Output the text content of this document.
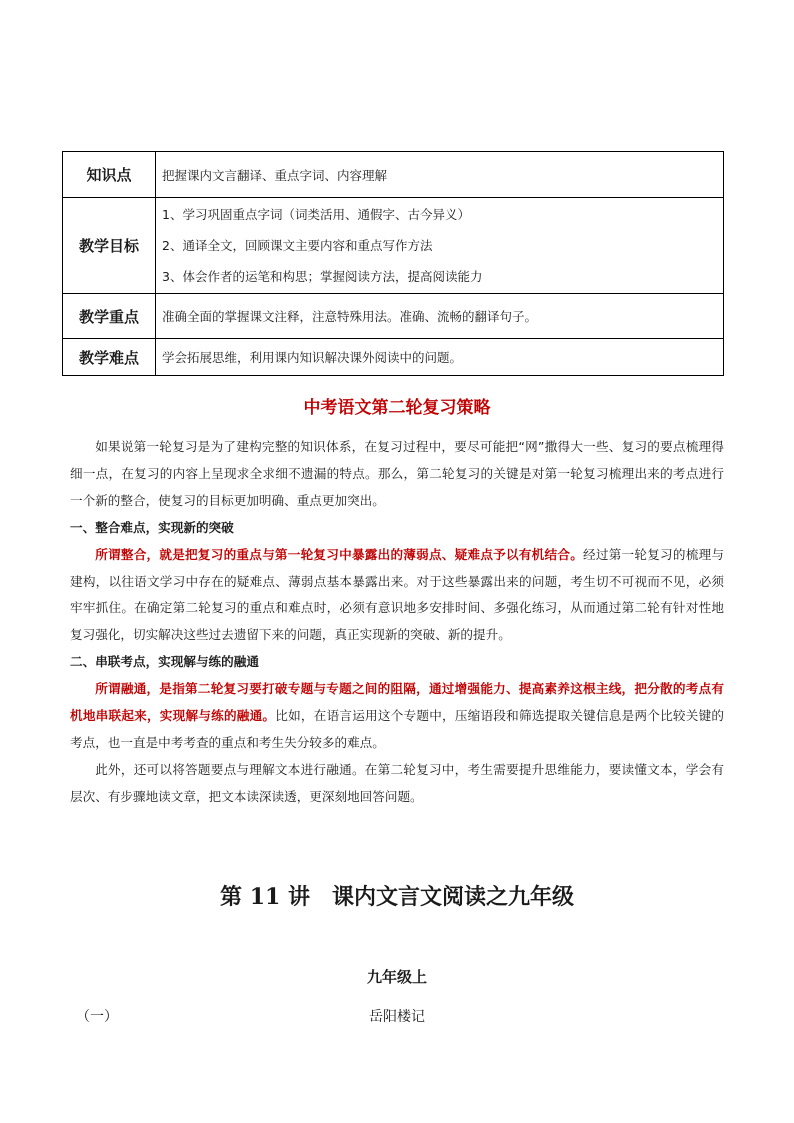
知识点	把握课内文言翻译、重点字词、内容理解
教学目标	1、学习巩固重点字词（词类活用、通假字、古今异义）
2、通译全文，回顾课文主要内容和重点写作方法
3、体会作者的运笔和构思；掌握阅读方法，提高阅读能力

教学重点	准确全面的掌握课文注释，注意特殊用法。准确、流畅的翻译句子。
教学难点	学会拓展思维，利用课内知识解决课外阅读中的问题。
中考语文第二轮复习策略

如果说第一轮复习是为了建构完整的知识体系，在复习过程中，要尽可能把“网”撒得大一些、复习的要点梳理得细一点，在复习的内容上呈现求全求细不遗漏的特点。那么，第二轮复习的关键是对第一轮复习梳理出来的考点进行一个新的整合，使复习的目标更加明确、重点更加突出。

一、整合难点，实现新的突破

所谓整合，就是把复习的重点与第一轮复习中暴露出的薄弱点、疑难点予以有机结合。经过第一轮复习的梳理与建构，以往语文学习中存在的疑难点、薄弱点基本暴露出来。对于这些暴露出来的问题，考生切不可视而不见，必须牢牢抓住。在确定第二轮复习的重点和难点时，必须有意识地多安排时间、多强化练习，从而通过第二轮有针对性地复习强化，切实解决这些过去遗留下来的问题，真正实现新的突破、新的提升。

二、串联考点，实现解与练的融通

所谓融通，是指第二轮复习要打破专题与专题之间的阻隔，通过增强能力、提高素养这根主线，把分散的考点有机地串联起来，实现解与练的融通。比如，在语言运用这个专题中，压缩语段和筛选提取关键信息是两个比较关键的考点，也一直是中考考查的重点和考生失分较多的难点。

此外，还可以将答题要点与理解文本进行融通。在第二轮复习中，考生需要提升思维能力，要读懂文本，学会有层次、有步骤地读文章，把文本读深读透，更深刻地回答问题。

第 11 讲　课内文言文阅读之九年级
九年级上
（一）	岳阳楼记
